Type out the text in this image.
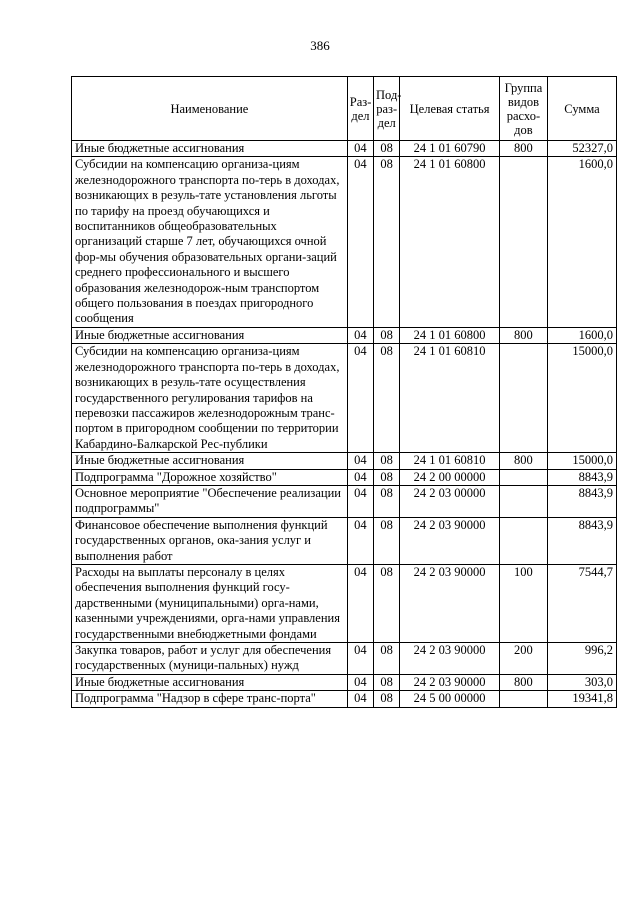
386
Наименование	Раз-дел	Под-раз-дел	Целевая статья	Группа видов расхо-дов	Сумма
Иные бюджетные ассигнования	04	08	24 1 01 60790	800	52327,0
Субсидии на компенсацию организа-циям железнодорожного транспорта по-терь в доходах, возникающих в резуль-тате установления льготы по тарифу на проезд обучающихся и воспитанников общеобразовательных организаций старше 7 лет, обучающихся очной фор-мы обучения образовательных органи-заций среднего профессионального и высшего образования железнодорож-ным транспортом общего пользования в поездах пригородного сообщения	04	08	24 1 01 60800		1600,0
Иные бюджетные ассигнования	04	08	24 1 01 60800	800	1600,0
Субсидии на компенсацию организа-циям железнодорожного транспорта по-терь в доходах, возникающих в резуль-тате осуществления государственного регулирования тарифов на перевозки пассажиров железнодорожным транс-портом в пригородном сообщении по территории Кабардино-Балкарской Рес-публики	04	08	24 1 01 60810		15000,0
Иные бюджетные ассигнования	04	08	24 1 01 60810	800	15000,0
Подпрограмма "Дорожное хозяйство"	04	08	24 2 00 00000		8843,9
Основное мероприятие "Обеспечение реализации подпрограммы"	04	08	24 2 03 00000		8843,9
Финансовое обеспечение выполнения функций государственных органов, ока-зания услуг и выполнения работ	04	08	24 2 03 90000		8843,9
Расходы на выплаты персоналу в целях обеспечения выполнения функций госу-дарственными (муниципальными) орга-нами, казенными учреждениями, орга-нами управления государственными внебюджетными фондами	04	08	24 2 03 90000	100	7544,7
Закупка товаров, работ и услуг для обеспечения государственных (муници-пальных) нужд	04	08	24 2 03 90000	200	996,2
Иные бюджетные ассигнования	04	08	24 2 03 90000	800	303,0
Подпрограмма "Надзор в сфере транс-порта"	04	08	24 5 00 00000		19341,8
